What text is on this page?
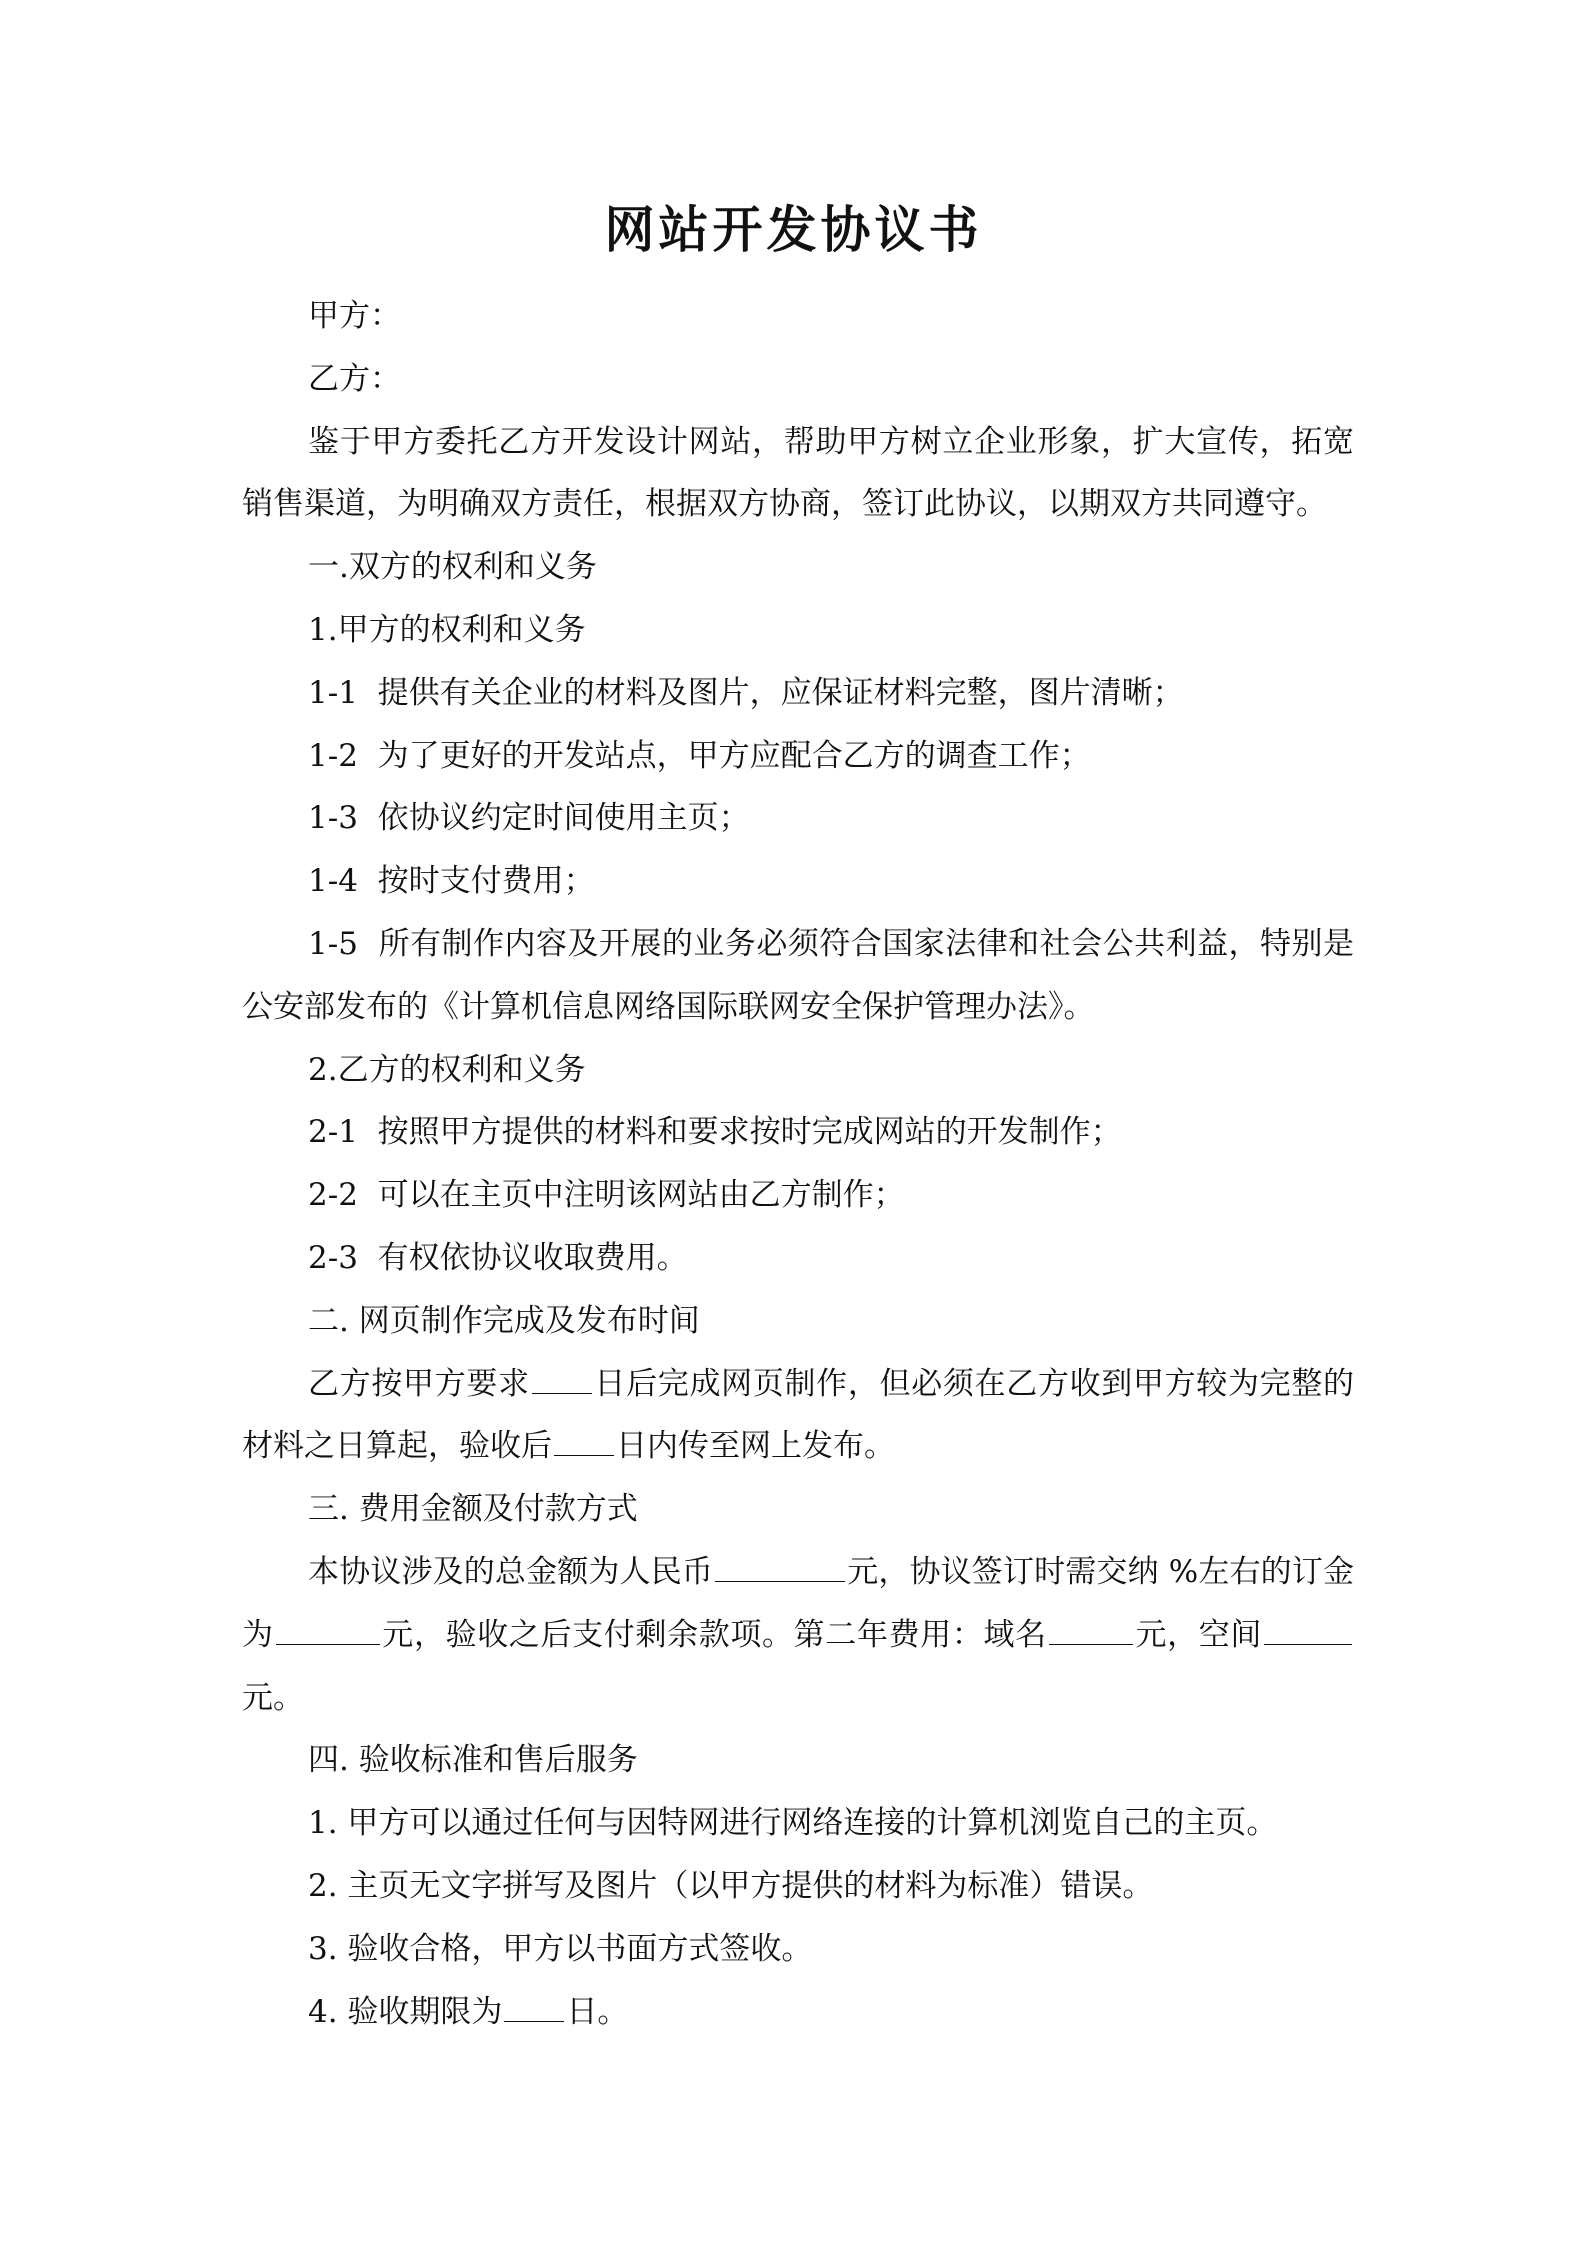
网站开发协议书

甲方：

乙方：

鉴于甲方委托乙方开发设计网站，帮助甲方树立企业形象，扩大宣传，拓宽销售渠道，为明确双方责任，根据双方协商，签订此协议，以期双方共同遵守。

一.双方的权利和义务

1.甲方的权利和义务

1-1  提供有关企业的材料及图片，应保证材料完整，图片清晰；

1-2  为了更好的开发站点，甲方应配合乙方的调查工作；

1-3  依协议约定时间使用主页；

1-4  按时支付费用；

1-5  所有制作内容及开展的业务必须符合国家法律和社会公共利益，特别是公安部发布的《计算机信息网络国际联网安全保护管理办法》。

2.乙方的权利和义务

2-1  按照甲方提供的材料和要求按时完成网站的开发制作；

2-2  可以在主页中注明该网站由乙方制作；

2-3  有权依协议收取费用。

二. 网页制作完成及发布时间

乙方按甲方要求 日后完成网页制作，但必须在乙方收到甲方较为完整的材料之日算起，验收后 日内传至网上发布。

三. 费用金额及付款方式

本协议涉及的总金额为人民币	元，协议签订时需交纳 %左右的订金为	元，验收之后支付剩余款项。第二年费用：域名	元，空间元。

四. 验收标准和售后服务

1. 甲方可以通过任何与因特网进行网络连接的计算机浏览自己的主页。

2. 主页无文字拼写及图片（以甲方提供的材料为标准）错误。

3. 验收合格，甲方以书面方式签收。

4. 验收期限为 日。
